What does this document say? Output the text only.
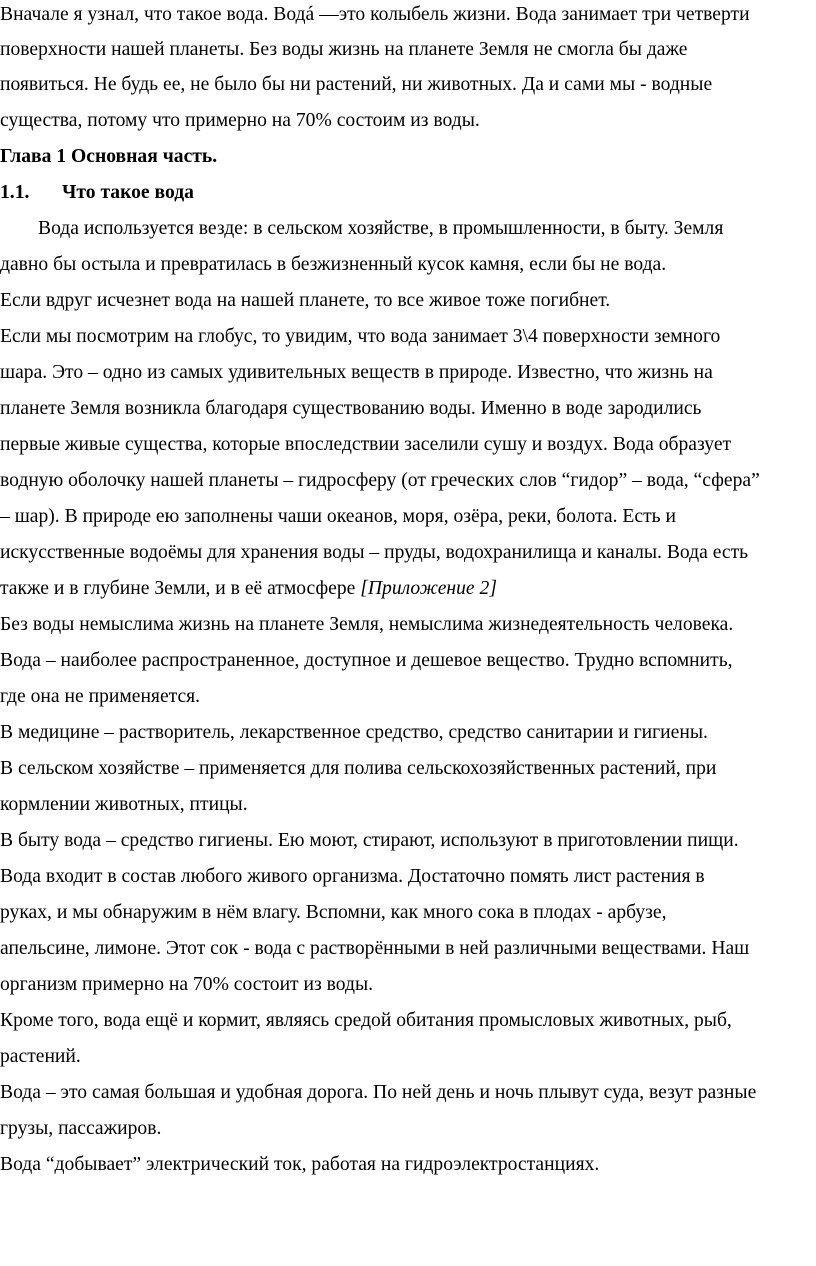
Вначале я узнал, что такое вода. Водá —это колыбель жизни. Вода занимает три четверти
поверхности нашей планеты. Без воды жизнь на планете Земля не смогла бы даже
появиться. Не будь ее, не было бы ни растений, ни животных. Да и сами мы - водные
существа, потому что примерно на 70% состоим из воды.
Глава 1 Основная часть.
1.1. Что такое вода
Вода используется везде: в сельском хозяйстве, в промышленности, в быту. Земля
давно бы остыла и превратилась в безжизненный кусок камня, если бы не вода.
Если вдруг исчезнет вода на нашей планете, то все живое тоже погибнет.
Если мы посмотрим на глобус, то увидим, что вода занимает 3\4 поверхности земного
шара. Это – одно из самых удивительных веществ в природе. Известно, что жизнь на
планете Земля возникла благодаря существованию воды. Именно в воде зародились
первые живые существа, которые впоследствии заселили сушу и воздух. Вода образует
водную оболочку нашей планеты – гидросферу (от греческих слов “гидор” – вода, “сфера”
– шар). В природе ею заполнены чаши океанов, моря, озёра, реки, болота. Есть и
искусственные водоёмы для хранения воды – пруды, водохранилища и каналы. Вода есть
также и в глубине Земли, и в её атмосфере [Приложение 2]
Без воды немыслима жизнь на планете Земля, немыслима жизнедеятельность человека.
Вода – наиболее распространенное, доступное и дешевое вещество. Трудно вспомнить,
где она не применяется.
В медицине – растворитель, лекарственное средство, средство санитарии и гигиены.
В сельском хозяйстве – применяется для полива сельскохозяйственных растений, при
кормлении животных, птицы.
В быту вода – средство гигиены. Ею моют, стирают, используют в приготовлении пищи.
Вода входит в состав любого живого организма. Достаточно помять лист растения в
руках, и мы обнаружим в нём влагу. Вспомни, как много сока в плодах - арбузе,
апельсине, лимоне. Этот сок - вода с растворёнными в ней различными веществами. Наш
организм примерно на 70% состоит из воды.
Кроме того, вода ещё и кормит, являясь средой обитания промысловых животных, рыб,
растений.
Вода – это самая большая и удобная дорога. По ней день и ночь плывут суда, везут разные
грузы, пассажиров.
Вода “добывает” электрический ток, работая на гидроэлектростанциях.
